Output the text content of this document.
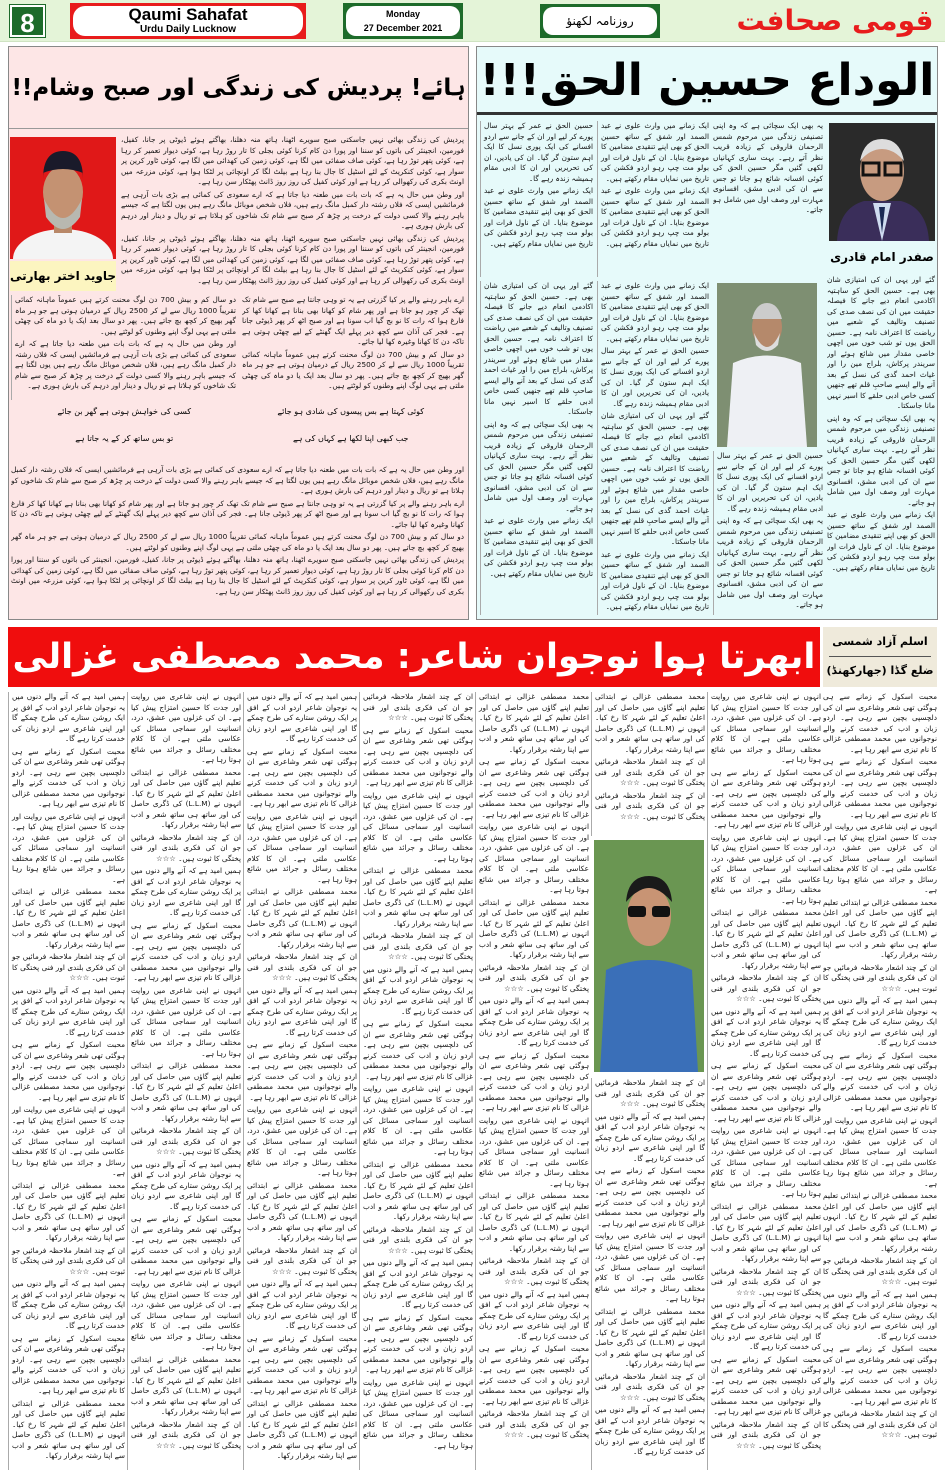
8	Qaumi Sahafat
Urdu Daily Lucknow
Monday
27 December 2021	روزنامہ لکھنؤ	قومی صحافت
ہائے! پردیش کی زندگی اور صبح وشام!!
جاوید اختر بھارتی

پردیش کی زندگی بھائی نہیں جاسکتی صبح سویرے اٹھنا، ہاتھ منہ دھلنا، بھاگتے ہوئے ڈیوٹی پر جانا، کفیل، فورمین، انجینئر کی باتوں کو سننا اور پورا دن کام کرنا کوئی بجلی کا تار روڑ رہا ہے، کوئی دیوار تعمیر کر رہا ہے، کوئی پتھر توڑ رہا ہے، کوئی صاف صفائی میں لگا ہے، کوئی زمین کی کھدائی میں لگا ہے، کوئی ٹاور کرین پر سوار ہے، کوئی کنکریٹ کے لئے اسٹیل کا جال بنا رہا ہے بیلٹ لگا کر اونچائی پر لٹکا ہوا ہے، کوئی مزرعہ میں اونٹ بکری کی رکھوالی کر رہا ہے اور کوئی کفیل کی روز روز ڈانٹ پھٹکار سن رہا ہے۔

اور وطن میں حال یہ ہے کہ بات بات میں طعنہ دیا جاتا ہے کہ ارے سعودی کی کمائی ہے بڑی بات آرہی ہے فرمائشیں ایسی کہ فلاں رشتہ دار کمبل مانگ رہے ہیں، فلاں شخص موبائل مانگ رہے ہیں یوں لگتا ہے کہ جیسے باہر رہنے والا کسی دولت کے درخت پر چڑھ کر صبح سے شام تک شاخوں کو ہلاتا ہے تو ریال و دینار اور درہم کی بارش ہوری ہے۔

پردیش کی زندگی بھائی نہیں جاسکتی صبح سویرے اٹھنا، ہاتھ منہ دھلنا، بھاگتے ہوئے ڈیوٹی پر جانا، کفیل، فورمین، انجینئر کی باتوں کو سننا اور پورا دن کام کرنا کوئی بجلی کا تار روڑ رہا ہے، کوئی دیوار تعمیر کر رہا ہے، کوئی پتھر توڑ رہا ہے، کوئی صاف صفائی میں لگا ہے، کوئی زمین کی کھدائی میں لگا ہے، کوئی ٹاور کرین پر سوار ہے، کوئی کنکریٹ کے لئے اسٹیل کا جال بنا رہا ہے بیلٹ لگا کر اونچائی پر لٹکا ہوا ہے، کوئی مزرعہ میں اونٹ بکری کی رکھوالی کر رہا ہے اور کوئی کفیل کی روز روز ڈانٹ پھٹکار سن رہا ہے۔

ارے باہر رہنے والے پر کیا گزرتی ہے یہ تو وہی جانتا ہے صبح سے شام تک تھک کر چور ہو جاتا ہے اور پھر شام کو کھانا بھی بنانا ہے کھانا کھا کر فارغ ہوا کہ رات کا نو بج گیا اب سونا ہے اور صبح اٹھ کر پھر ڈیوٹی جانا ہے۔ فجر کی آذان سے کچھ دیر پہلے ایک گھنٹے کے لیے چھٹی ہوتی ہے تاکہ دن کا کھانا وغیرہ کھا لیا جائے۔

دو سال کم و بیش 700 دن لوگ محنت کرتے ہیں عموماً ماہانہ کمائی تقریباً 1000 ریال سے لے کر 2500 ریال کے درمیان ہوتی ہے جو ہر ماہ گھر بھیج کر کچھ بچ جاتے ہیں۔ پھر دو سال بعد ایک یا دو ماہ کی چھٹی ملتی ہے یہی لوگ اپنے وطنوں کو لوٹتے ہیں۔

دو سال کم و بیش 700 دن لوگ محنت کرتے ہیں عموماً ماہانہ کمائی تقریباً 1000 ریال سے لے کر 2500 ریال کے درمیان ہوتی ہے جو ہر ماہ گھر بھیج کر کچھ بچ جاتے ہیں۔ پھر دو سال بعد ایک یا دو ماہ کی چھٹی ملتی ہے یہی لوگ اپنے وطنوں کو لوٹتے ہیں۔

اور وطن میں حال یہ ہے کہ بات بات میں طعنہ دیا جاتا ہے کہ ارے سعودی کی کمائی ہے بڑی بات آرہی ہے فرمائشیں ایسی کہ فلاں رشتہ دار کمبل مانگ رہے ہیں، فلاں شخص موبائل مانگ رہے ہیں یوں لگتا ہے کہ جیسے باہر رہنے والا کسی دولت کے درخت پر چڑھ کر صبح سے شام تک شاخوں کو ہلاتا ہے تو ریال و دینار اور درہم کی بارش ہوری ہے۔

کوئی کہتا ہے بس پیسوں کی شادی ہو جائے
کسی کی خواہش ہوتی ہے گھر بن جائے
جب کبھی اپنا لکھا ہے کہاں کی ہے
تو بس ساتھ کر کے یہ جاتا ہے

اور وطن میں حال یہ ہے کہ بات بات میں طعنہ دیا جاتا ہے کہ ارے سعودی کی کمائی ہے بڑی بات آرہی ہے فرمائشیں ایسی کہ فلاں رشتہ دار کمبل مانگ رہے ہیں، فلاں شخص موبائل مانگ رہے ہیں یوں لگتا ہے کہ جیسے باہر رہنے والا کسی دولت کے درخت پر چڑھ کر صبح سے شام تک شاخوں کو ہلاتا ہے تو ریال و دینار اور درہم کی بارش ہوری ہے۔

ارے باہر رہنے والے پر کیا گزرتی ہے یہ تو وہی جانتا ہے صبح سے شام تک تھک کر چور ہو جاتا ہے اور پھر شام کو کھانا بھی بنانا ہے کھانا کھا کر فارغ ہوا کہ رات کا نو بج گیا اب سونا ہے اور صبح اٹھ کر پھر ڈیوٹی جانا ہے۔ فجر کی آذان سے کچھ دیر پہلے ایک گھنٹے کے لیے چھٹی ہوتی ہے تاکہ دن کا کھانا وغیرہ کھا لیا جائے۔

دو سال کم و بیش 700 دن لوگ محنت کرتے ہیں عموماً ماہانہ کمائی تقریباً 1000 ریال سے لے کر 2500 ریال کے درمیان ہوتی ہے جو ہر ماہ گھر بھیج کر کچھ بچ جاتے ہیں۔ پھر دو سال بعد ایک یا دو ماہ کی چھٹی ملتی ہے یہی لوگ اپنے وطنوں کو لوٹتے ہیں۔

پردیش کی زندگی بھائی نہیں جاسکتی صبح سویرے اٹھنا، ہاتھ منہ دھلنا، بھاگتے ہوئے ڈیوٹی پر جانا، کفیل، فورمین، انجینئر کی باتوں کو سننا اور پورا دن کام کرنا کوئی بجلی کا تار روڑ رہا ہے، کوئی دیوار تعمیر کر رہا ہے، کوئی پتھر توڑ رہا ہے، کوئی صاف صفائی میں لگا ہے، کوئی زمین کی کھدائی میں لگا ہے، کوئی ٹاور کرین پر سوار ہے، کوئی کنکریٹ کے لئے اسٹیل کا جال بنا رہا ہے بیلٹ لگا کر اونچائی پر لٹکا ہوا ہے، کوئی مزرعہ میں اونٹ بکری کی رکھوالی کر رہا ہے اور کوئی کفیل کی روز روز ڈانٹ پھٹکار سن رہا ہے۔

الوداع حسین الحق!!!
صفدر امام قادری

یہ بھی ایک سچائی ہے کہ وہ اپنی تصنیفی زندگی میں مرحوم شمس الرحمان فاروقی کے زیادہ قریب نظر آتے رہے۔ بہت ساری کہانیاں لکھی گئیں مگر حسین الحق کی کوئی افسانہ شائع ہو جاتا تو جس سے ان کی ادبی مشق، افسانوی مہارت اور وصف اول میں شامل ہو جاتے۔

ایک زمانے میں وارث علوی نے عبد الصمد اور شفق کے ساتھ حسین الحق کو بھی اپنے تنقیدی مضامین کا موضوع بنایا۔ ان کے ناول فرات اور بولو مت چپ رہو اردو فکشن کی تاریخ میں نمایاں مقام رکھتے ہیں۔

ایک زمانے میں وارث علوی نے عبد الصمد اور شفق کے ساتھ حسین الحق کو بھی اپنے تنقیدی مضامین کا موضوع بنایا۔ ان کے ناول فرات اور بولو مت چپ رہو اردو فکشن کی تاریخ میں نمایاں مقام رکھتے ہیں۔

حسین الحق نے عمر کے بہتر سال پورے کر لیے اور ان کے جانے سے اردو افسانے کی ایک پوری نسل کا ایک اہم ستون گر گیا۔ ان کی یادیں، ان کی تحریریں اور ان کا ادبی مقام ہمیشہ زندہ رہے گا۔

ایک زمانے میں وارث علوی نے عبد الصمد اور شفق کے ساتھ حسین الحق کو بھی اپنے تنقیدی مضامین کا موضوع بنایا۔ ان کے ناول فرات اور بولو مت چپ رہو اردو فکشن کی تاریخ میں نمایاں مقام رکھتے ہیں۔

گئے اور یہی ان کی امتیازی شان بھی ہے۔ حسین الحق کو ساہتیہ اکادمی انعام دیے جانے کا فیصلہ حقیقت میں ان کی نصف صدی کی تصنیف وتالیف کے شعبے میں ریاضت کا اعتراف نامہ ہے۔ حسین الحق یوں تو شب خوں میں اچھی خاصی مقدار میں شائع ہوئے اور سریندر پرکاش، بلراج مین را اور غیاث احمد گدی کی نسل کے بعد آنے والے ایسے صاحبِ قلم تھے جنھیں کسی خاص ادبی حلقے کا اسیر نہیں مانا جاسکتا۔

یہ بھی ایک سچائی ہے کہ وہ اپنی تصنیفی زندگی میں مرحوم شمس الرحمان فاروقی کے زیادہ قریب نظر آتے رہے۔ بہت ساری کہانیاں لکھی گئیں مگر حسین الحق کی کوئی افسانہ شائع ہو جاتا تو جس سے ان کی ادبی مشق، افسانوی مہارت اور وصف اول میں شامل ہو جاتے۔

ایک زمانے میں وارث علوی نے عبد الصمد اور شفق کے ساتھ حسین الحق کو بھی اپنے تنقیدی مضامین کا موضوع بنایا۔ ان کے ناول فرات اور بولو مت چپ رہو اردو فکشن کی تاریخ میں نمایاں مقام رکھتے ہیں۔

حسین الحق نے عمر کے بہتر سال پورے کر لیے اور ان کے جانے سے اردو افسانے کی ایک پوری نسل کا ایک اہم ستون گر گیا۔ ان کی یادیں، ان کی تحریریں اور ان کا ادبی مقام ہمیشہ زندہ رہے گا۔

یہ بھی ایک سچائی ہے کہ وہ اپنی تصنیفی زندگی میں مرحوم شمس الرحمان فاروقی کے زیادہ قریب نظر آتے رہے۔ بہت ساری کہانیاں لکھی گئیں مگر حسین الحق کی کوئی افسانہ شائع ہو جاتا تو جس سے ان کی ادبی مشق، افسانوی مہارت اور وصف اول میں شامل ہو جاتے۔

ایک زمانے میں وارث علوی نے عبد الصمد اور شفق کے ساتھ حسین الحق کو بھی اپنے تنقیدی مضامین کا موضوع بنایا۔ ان کے ناول فرات اور بولو مت چپ رہو اردو فکشن کی تاریخ میں نمایاں مقام رکھتے ہیں۔

حسین الحق نے عمر کے بہتر سال پورے کر لیے اور ان کے جانے سے اردو افسانے کی ایک پوری نسل کا ایک اہم ستون گر گیا۔ ان کی یادیں، ان کی تحریریں اور ان کا ادبی مقام ہمیشہ زندہ رہے گا۔

گئے اور یہی ان کی امتیازی شان بھی ہے۔ حسین الحق کو ساہتیہ اکادمی انعام دیے جانے کا فیصلہ حقیقت میں ان کی نصف صدی کی تصنیف وتالیف کے شعبے میں ریاضت کا اعتراف نامہ ہے۔ حسین الحق یوں تو شب خوں میں اچھی خاصی مقدار میں شائع ہوئے اور سریندر پرکاش، بلراج مین را اور غیاث احمد گدی کی نسل کے بعد آنے والے ایسے صاحبِ قلم تھے جنھیں کسی خاص ادبی حلقے کا اسیر نہیں مانا جاسکتا۔

ایک زمانے میں وارث علوی نے عبد الصمد اور شفق کے ساتھ حسین الحق کو بھی اپنے تنقیدی مضامین کا موضوع بنایا۔ ان کے ناول فرات اور بولو مت چپ رہو اردو فکشن کی تاریخ میں نمایاں مقام رکھتے ہیں۔

گئے اور یہی ان کی امتیازی شان بھی ہے۔ حسین الحق کو ساہتیہ اکادمی انعام دیے جانے کا فیصلہ حقیقت میں ان کی نصف صدی کی تصنیف وتالیف کے شعبے میں ریاضت کا اعتراف نامہ ہے۔ حسین الحق یوں تو شب خوں میں اچھی خاصی مقدار میں شائع ہوئے اور سریندر پرکاش، بلراج مین را اور غیاث احمد گدی کی نسل کے بعد آنے والے ایسے صاحبِ قلم تھے جنھیں کسی خاص ادبی حلقے کا اسیر نہیں مانا جاسکتا۔

یہ بھی ایک سچائی ہے کہ وہ اپنی تصنیفی زندگی میں مرحوم شمس الرحمان فاروقی کے زیادہ قریب نظر آتے رہے۔ بہت ساری کہانیاں لکھی گئیں مگر حسین الحق کی کوئی افسانہ شائع ہو جاتا تو جس سے ان کی ادبی مشق، افسانوی مہارت اور وصف اول میں شامل ہو جاتے۔

ایک زمانے میں وارث علوی نے عبد الصمد اور شفق کے ساتھ حسین الحق کو بھی اپنے تنقیدی مضامین کا موضوع بنایا۔ ان کے ناول فرات اور بولو مت چپ رہو اردو فکشن کی تاریخ میں نمایاں مقام رکھتے ہیں۔

ابھرتا ہوا نوجوان شاعر: محمد مصطفی غزالی	اسلم آزاد شمسی
ضلع گڈا (جھارکھنڈ)

محبت اسکول کے زمانے سے ہی ہوگئی تھی شعر وشاعری سے ان کی دلچسپی بچپن سے رہی ہے۔ اردو زبان و ادب کی خدمت کرنے والے نوجوانوں میں محمد مصطفی غزالی کا نام تیزی سے ابھر رہا ہے۔

محبت اسکول کے زمانے سے ہی ہوگئی تھی شعر وشاعری سے ان کی دلچسپی بچپن سے رہی ہے۔ اردو زبان و ادب کی خدمت کرنے والے نوجوانوں میں محمد مصطفی غزالی کا نام تیزی سے ابھر رہا ہے۔

انہوں نے اپنی شاعری میں روایت اور جدت کا حسین امتزاج پیش کیا ہے۔ ان کی غزلوں میں عشق، درد، انسانیت اور سماجی مسائل کی عکاسی ملتی ہے۔ ان کا کلام مختلف رسائل و جرائد میں شائع ہوتا رہا ہے۔

محمد مصطفی غزالی نے ابتدائی تعلیم اپنے گاؤں میں حاصل کی اور اعلیٰ تعلیم کے لئے شہر کا رخ کیا۔ انہوں نے (L.L.M) کی ڈگری حاصل کی اور ساتھ ہی ساتھ شعر و ادب سے اپنا رشتہ برقرار رکھا۔

ان کے چند اشعار ملاحظہ فرمائیں جو ان کی فکری بلندی اور فنی پختگی کا ثبوت ہیں۔ ☆☆☆

ہمیں امید ہے کہ آنے والے دنوں میں یہ نوجوان شاعر اردو ادب کے افق پر ایک روشن ستارے کی طرح چمکے گا اور اپنی شاعری سے اردو زبان کی خدمت کرتا رہے گا۔

محبت اسکول کے زمانے سے ہی ہوگئی تھی شعر وشاعری سے ان کی دلچسپی بچپن سے رہی ہے۔ اردو زبان و ادب کی خدمت کرنے والے نوجوانوں میں محمد مصطفی غزالی کا نام تیزی سے ابھر رہا ہے۔

انہوں نے اپنی شاعری میں روایت اور جدت کا حسین امتزاج پیش کیا ہے۔ ان کی غزلوں میں عشق، درد، انسانیت اور سماجی مسائل کی عکاسی ملتی ہے۔ ان کا کلام مختلف رسائل و جرائد میں شائع ہوتا رہا ہے۔

محمد مصطفی غزالی نے ابتدائی تعلیم اپنے گاؤں میں حاصل کی اور اعلیٰ تعلیم کے لئے شہر کا رخ کیا۔ انہوں نے (L.L.M) کی ڈگری حاصل کی اور ساتھ ہی ساتھ شعر و ادب سے اپنا رشتہ برقرار رکھا۔

ان کے چند اشعار ملاحظہ فرمائیں جو ان کی فکری بلندی اور فنی پختگی کا ثبوت ہیں۔ ☆☆☆

ہمیں امید ہے کہ آنے والے دنوں میں یہ نوجوان شاعر اردو ادب کے افق پر ایک روشن ستارے کی طرح چمکے گا اور اپنی شاعری سے اردو زبان کی خدمت کرتا رہے گا۔

محبت اسکول کے زمانے سے ہی ہوگئی تھی شعر وشاعری سے ان کی دلچسپی بچپن سے رہی ہے۔ اردو زبان و ادب کی خدمت کرنے والے نوجوانوں میں محمد مصطفی غزالی کا نام تیزی سے ابھر رہا ہے۔

ان کے چند اشعار ملاحظہ فرمائیں جو ان کی فکری بلندی اور فنی پختگی کا ثبوت ہیں۔ ☆☆☆

انہوں نے اپنی شاعری میں روایت اور جدت کا حسین امتزاج پیش کیا ہے۔ ان کی غزلوں میں عشق، درد، انسانیت اور سماجی مسائل کی عکاسی ملتی ہے۔ ان کا کلام مختلف رسائل و جرائد میں شائع ہوتا رہا ہے۔

محبت اسکول کے زمانے سے ہی ہوگئی تھی شعر وشاعری سے ان کی دلچسپی بچپن سے رہی ہے۔ اردو زبان و ادب کی خدمت کرنے والے نوجوانوں میں محمد مصطفی غزالی کا نام تیزی سے ابھر رہا ہے۔

انہوں نے اپنی شاعری میں روایت اور جدت کا حسین امتزاج پیش کیا ہے۔ ان کی غزلوں میں عشق، درد، انسانیت اور سماجی مسائل کی عکاسی ملتی ہے۔ ان کا کلام مختلف رسائل و جرائد میں شائع ہوتا رہا ہے۔

محمد مصطفی غزالی نے ابتدائی تعلیم اپنے گاؤں میں حاصل کی اور اعلیٰ تعلیم کے لئے شہر کا رخ کیا۔ انہوں نے (L.L.M) کی ڈگری حاصل کی اور ساتھ ہی ساتھ شعر و ادب سے اپنا رشتہ برقرار رکھا۔

ان کے چند اشعار ملاحظہ فرمائیں جو ان کی فکری بلندی اور فنی پختگی کا ثبوت ہیں۔ ☆☆☆

ہمیں امید ہے کہ آنے والے دنوں میں یہ نوجوان شاعر اردو ادب کے افق پر ایک روشن ستارے کی طرح چمکے گا اور اپنی شاعری سے اردو زبان کی خدمت کرتا رہے گا۔

محبت اسکول کے زمانے سے ہی ہوگئی تھی شعر وشاعری سے ان کی دلچسپی بچپن سے رہی ہے۔ اردو زبان و ادب کی خدمت کرنے والے نوجوانوں میں محمد مصطفی غزالی کا نام تیزی سے ابھر رہا ہے۔

انہوں نے اپنی شاعری میں روایت اور جدت کا حسین امتزاج پیش کیا ہے۔ ان کی غزلوں میں عشق، درد، انسانیت اور سماجی مسائل کی عکاسی ملتی ہے۔ ان کا کلام مختلف رسائل و جرائد میں شائع ہوتا رہا ہے۔

محمد مصطفی غزالی نے ابتدائی تعلیم اپنے گاؤں میں حاصل کی اور اعلیٰ تعلیم کے لئے شہر کا رخ کیا۔ انہوں نے (L.L.M) کی ڈگری حاصل کی اور ساتھ ہی ساتھ شعر و ادب سے اپنا رشتہ برقرار رکھا۔

ان کے چند اشعار ملاحظہ فرمائیں جو ان کی فکری بلندی اور فنی پختگی کا ثبوت ہیں۔ ☆☆☆

ہمیں امید ہے کہ آنے والے دنوں میں یہ نوجوان شاعر اردو ادب کے افق پر ایک روشن ستارے کی طرح چمکے گا اور اپنی شاعری سے اردو زبان کی خدمت کرتا رہے گا۔

محبت اسکول کے زمانے سے ہی ہوگئی تھی شعر وشاعری سے ان کی دلچسپی بچپن سے رہی ہے۔ اردو زبان و ادب کی خدمت کرنے والے نوجوانوں میں محمد مصطفی غزالی کا نام تیزی سے ابھر رہا ہے۔

ان کے چند اشعار ملاحظہ فرمائیں جو ان کی فکری بلندی اور فنی پختگی کا ثبوت ہیں۔ ☆☆☆

محمد مصطفی غزالی نے ابتدائی تعلیم اپنے گاؤں میں حاصل کی اور اعلیٰ تعلیم کے لئے شہر کا رخ کیا۔ انہوں نے (L.L.M) کی ڈگری حاصل کی اور ساتھ ہی ساتھ شعر و ادب سے اپنا رشتہ برقرار رکھا۔

ان کے چند اشعار ملاحظہ فرمائیں جو ان کی فکری بلندی اور فنی پختگی کا ثبوت ہیں۔ ☆☆☆

ان کے چند اشعار ملاحظہ فرمائیں جو ان کی فکری بلندی اور فنی پختگی کا ثبوت ہیں۔ ☆☆☆

ان کے چند اشعار ملاحظہ فرمائیں جو ان کی فکری بلندی اور فنی پختگی کا ثبوت ہیں۔ ☆☆☆

ہمیں امید ہے کہ آنے والے دنوں میں یہ نوجوان شاعر اردو ادب کے افق پر ایک روشن ستارے کی طرح چمکے گا اور اپنی شاعری سے اردو زبان کی خدمت کرتا رہے گا۔

محبت اسکول کے زمانے سے ہی ہوگئی تھی شعر وشاعری سے ان کی دلچسپی بچپن سے رہی ہے۔ اردو زبان و ادب کی خدمت کرنے والے نوجوانوں میں محمد مصطفی غزالی کا نام تیزی سے ابھر رہا ہے۔

انہوں نے اپنی شاعری میں روایت اور جدت کا حسین امتزاج پیش کیا ہے۔ ان کی غزلوں میں عشق، درد، انسانیت اور سماجی مسائل کی عکاسی ملتی ہے۔ ان کا کلام مختلف رسائل و جرائد میں شائع ہوتا رہا ہے۔

محمد مصطفی غزالی نے ابتدائی تعلیم اپنے گاؤں میں حاصل کی اور اعلیٰ تعلیم کے لئے شہر کا رخ کیا۔ انہوں نے (L.L.M) کی ڈگری حاصل کی اور ساتھ ہی ساتھ شعر و ادب سے اپنا رشتہ برقرار رکھا۔

ان کے چند اشعار ملاحظہ فرمائیں جو ان کی فکری بلندی اور فنی پختگی کا ثبوت ہیں۔ ☆☆☆

ہمیں امید ہے کہ آنے والے دنوں میں یہ نوجوان شاعر اردو ادب کے افق پر ایک روشن ستارے کی طرح چمکے گا اور اپنی شاعری سے اردو زبان کی خدمت کرتا رہے گا۔

محمد مصطفی غزالی نے ابتدائی تعلیم اپنے گاؤں میں حاصل کی اور اعلیٰ تعلیم کے لئے شہر کا رخ کیا۔ انہوں نے (L.L.M) کی ڈگری حاصل کی اور ساتھ ہی ساتھ شعر و ادب سے اپنا رشتہ برقرار رکھا۔

محبت اسکول کے زمانے سے ہی ہوگئی تھی شعر وشاعری سے ان کی دلچسپی بچپن سے رہی ہے۔ اردو زبان و ادب کی خدمت کرنے والے نوجوانوں میں محمد مصطفی غزالی کا نام تیزی سے ابھر رہا ہے۔

انہوں نے اپنی شاعری میں روایت اور جدت کا حسین امتزاج پیش کیا ہے۔ ان کی غزلوں میں عشق، درد، انسانیت اور سماجی مسائل کی عکاسی ملتی ہے۔ ان کا کلام مختلف رسائل و جرائد میں شائع ہوتا رہا ہے۔

محمد مصطفی غزالی نے ابتدائی تعلیم اپنے گاؤں میں حاصل کی اور اعلیٰ تعلیم کے لئے شہر کا رخ کیا۔ انہوں نے (L.L.M) کی ڈگری حاصل کی اور ساتھ ہی ساتھ شعر و ادب سے اپنا رشتہ برقرار رکھا۔

ان کے چند اشعار ملاحظہ فرمائیں جو ان کی فکری بلندی اور فنی پختگی کا ثبوت ہیں۔ ☆☆☆

ہمیں امید ہے کہ آنے والے دنوں میں یہ نوجوان شاعر اردو ادب کے افق پر ایک روشن ستارے کی طرح چمکے گا اور اپنی شاعری سے اردو زبان کی خدمت کرتا رہے گا۔

محبت اسکول کے زمانے سے ہی ہوگئی تھی شعر وشاعری سے ان کی دلچسپی بچپن سے رہی ہے۔ اردو زبان و ادب کی خدمت کرنے والے نوجوانوں میں محمد مصطفی غزالی کا نام تیزی سے ابھر رہا ہے۔

انہوں نے اپنی شاعری میں روایت اور جدت کا حسین امتزاج پیش کیا ہے۔ ان کی غزلوں میں عشق، درد، انسانیت اور سماجی مسائل کی عکاسی ملتی ہے۔ ان کا کلام مختلف رسائل و جرائد میں شائع ہوتا رہا ہے۔

محمد مصطفی غزالی نے ابتدائی تعلیم اپنے گاؤں میں حاصل کی اور اعلیٰ تعلیم کے لئے شہر کا رخ کیا۔ انہوں نے (L.L.M) کی ڈگری حاصل کی اور ساتھ ہی ساتھ شعر و ادب سے اپنا رشتہ برقرار رکھا۔

ان کے چند اشعار ملاحظہ فرمائیں جو ان کی فکری بلندی اور فنی پختگی کا ثبوت ہیں۔ ☆☆☆

ہمیں امید ہے کہ آنے والے دنوں میں یہ نوجوان شاعر اردو ادب کے افق پر ایک روشن ستارے کی طرح چمکے گا اور اپنی شاعری سے اردو زبان کی خدمت کرتا رہے گا۔

محبت اسکول کے زمانے سے ہی ہوگئی تھی شعر وشاعری سے ان کی دلچسپی بچپن سے رہی ہے۔ اردو زبان و ادب کی خدمت کرنے والے نوجوانوں میں محمد مصطفی غزالی کا نام تیزی سے ابھر رہا ہے۔

ان کے چند اشعار ملاحظہ فرمائیں جو ان کی فکری بلندی اور فنی پختگی کا ثبوت ہیں۔ ☆☆☆

ان کے چند اشعار ملاحظہ فرمائیں جو ان کی فکری بلندی اور فنی پختگی کا ثبوت ہیں۔ ☆☆☆

محبت اسکول کے زمانے سے ہی ہوگئی تھی شعر وشاعری سے ان کی دلچسپی بچپن سے رہی ہے۔ اردو زبان و ادب کی خدمت کرنے والے نوجوانوں میں محمد مصطفی غزالی کا نام تیزی سے ابھر رہا ہے۔

انہوں نے اپنی شاعری میں روایت اور جدت کا حسین امتزاج پیش کیا ہے۔ ان کی غزلوں میں عشق، درد، انسانیت اور سماجی مسائل کی عکاسی ملتی ہے۔ ان کا کلام مختلف رسائل و جرائد میں شائع ہوتا رہا ہے۔

محمد مصطفی غزالی نے ابتدائی تعلیم اپنے گاؤں میں حاصل کی اور اعلیٰ تعلیم کے لئے شہر کا رخ کیا۔ انہوں نے (L.L.M) کی ڈگری حاصل کی اور ساتھ ہی ساتھ شعر و ادب سے اپنا رشتہ برقرار رکھا۔

ان کے چند اشعار ملاحظہ فرمائیں جو ان کی فکری بلندی اور فنی پختگی کا ثبوت ہیں۔ ☆☆☆

ہمیں امید ہے کہ آنے والے دنوں میں یہ نوجوان شاعر اردو ادب کے افق پر ایک روشن ستارے کی طرح چمکے گا اور اپنی شاعری سے اردو زبان کی خدمت کرتا رہے گا۔

محبت اسکول کے زمانے سے ہی ہوگئی تھی شعر وشاعری سے ان کی دلچسپی بچپن سے رہی ہے۔ اردو زبان و ادب کی خدمت کرنے والے نوجوانوں میں محمد مصطفی غزالی کا نام تیزی سے ابھر رہا ہے۔

انہوں نے اپنی شاعری میں روایت اور جدت کا حسین امتزاج پیش کیا ہے۔ ان کی غزلوں میں عشق، درد، انسانیت اور سماجی مسائل کی عکاسی ملتی ہے۔ ان کا کلام مختلف رسائل و جرائد میں شائع ہوتا رہا ہے۔

محمد مصطفی غزالی نے ابتدائی تعلیم اپنے گاؤں میں حاصل کی اور اعلیٰ تعلیم کے لئے شہر کا رخ کیا۔ انہوں نے (L.L.M) کی ڈگری حاصل کی اور ساتھ ہی ساتھ شعر و ادب سے اپنا رشتہ برقرار رکھا۔

ان کے چند اشعار ملاحظہ فرمائیں جو ان کی فکری بلندی اور فنی پختگی کا ثبوت ہیں۔ ☆☆☆

ہمیں امید ہے کہ آنے والے دنوں میں یہ نوجوان شاعر اردو ادب کے افق پر ایک روشن ستارے کی طرح چمکے گا اور اپنی شاعری سے اردو زبان کی خدمت کرتا رہے گا۔

محبت اسکول کے زمانے سے ہی ہوگئی تھی شعر وشاعری سے ان کی دلچسپی بچپن سے رہی ہے۔ اردو زبان و ادب کی خدمت کرنے والے نوجوانوں میں محمد مصطفی غزالی کا نام تیزی سے ابھر رہا ہے۔

انہوں نے اپنی شاعری میں روایت اور جدت کا حسین امتزاج پیش کیا ہے۔ ان کی غزلوں میں عشق، درد، انسانیت اور سماجی مسائل کی عکاسی ملتی ہے۔ ان کا کلام مختلف رسائل و جرائد میں شائع ہوتا رہا ہے۔

ہمیں امید ہے کہ آنے والے دنوں میں یہ نوجوان شاعر اردو ادب کے افق پر ایک روشن ستارے کی طرح چمکے گا اور اپنی شاعری سے اردو زبان کی خدمت کرتا رہے گا۔

محبت اسکول کے زمانے سے ہی ہوگئی تھی شعر وشاعری سے ان کی دلچسپی بچپن سے رہی ہے۔ اردو زبان و ادب کی خدمت کرنے والے نوجوانوں میں محمد مصطفی غزالی کا نام تیزی سے ابھر رہا ہے۔

انہوں نے اپنی شاعری میں روایت اور جدت کا حسین امتزاج پیش کیا ہے۔ ان کی غزلوں میں عشق، درد، انسانیت اور سماجی مسائل کی عکاسی ملتی ہے۔ ان کا کلام مختلف رسائل و جرائد میں شائع ہوتا رہا ہے۔

محمد مصطفی غزالی نے ابتدائی تعلیم اپنے گاؤں میں حاصل کی اور اعلیٰ تعلیم کے لئے شہر کا رخ کیا۔ انہوں نے (L.L.M) کی ڈگری حاصل کی اور ساتھ ہی ساتھ شعر و ادب سے اپنا رشتہ برقرار رکھا۔

ان کے چند اشعار ملاحظہ فرمائیں جو ان کی فکری بلندی اور فنی پختگی کا ثبوت ہیں۔ ☆☆☆

ہمیں امید ہے کہ آنے والے دنوں میں یہ نوجوان شاعر اردو ادب کے افق پر ایک روشن ستارے کی طرح چمکے گا اور اپنی شاعری سے اردو زبان کی خدمت کرتا رہے گا۔

محبت اسکول کے زمانے سے ہی ہوگئی تھی شعر وشاعری سے ان کی دلچسپی بچپن سے رہی ہے۔ اردو زبان و ادب کی خدمت کرنے والے نوجوانوں میں محمد مصطفی غزالی کا نام تیزی سے ابھر رہا ہے۔

انہوں نے اپنی شاعری میں روایت اور جدت کا حسین امتزاج پیش کیا ہے۔ ان کی غزلوں میں عشق، درد، انسانیت اور سماجی مسائل کی عکاسی ملتی ہے۔ ان کا کلام مختلف رسائل و جرائد میں شائع ہوتا رہا ہے۔

محمد مصطفی غزالی نے ابتدائی تعلیم اپنے گاؤں میں حاصل کی اور اعلیٰ تعلیم کے لئے شہر کا رخ کیا۔ انہوں نے (L.L.M) کی ڈگری حاصل کی اور ساتھ ہی ساتھ شعر و ادب سے اپنا رشتہ برقرار رکھا۔

ان کے چند اشعار ملاحظہ فرمائیں جو ان کی فکری بلندی اور فنی پختگی کا ثبوت ہیں۔ ☆☆☆

ہمیں امید ہے کہ آنے والے دنوں میں یہ نوجوان شاعر اردو ادب کے افق پر ایک روشن ستارے کی طرح چمکے گا اور اپنی شاعری سے اردو زبان کی خدمت کرتا رہے گا۔

محبت اسکول کے زمانے سے ہی ہوگئی تھی شعر وشاعری سے ان کی دلچسپی بچپن سے رہی ہے۔ اردو زبان و ادب کی خدمت کرنے والے نوجوانوں میں محمد مصطفی غزالی کا نام تیزی سے ابھر رہا ہے۔

محمد مصطفی غزالی نے ابتدائی تعلیم اپنے گاؤں میں حاصل کی اور اعلیٰ تعلیم کے لئے شہر کا رخ کیا۔ انہوں نے (L.L.M) کی ڈگری حاصل کی اور ساتھ ہی ساتھ شعر و ادب سے اپنا رشتہ برقرار رکھا۔

انہوں نے اپنی شاعری میں روایت اور جدت کا حسین امتزاج پیش کیا ہے۔ ان کی غزلوں میں عشق، درد، انسانیت اور سماجی مسائل کی عکاسی ملتی ہے۔ ان کا کلام مختلف رسائل و جرائد میں شائع ہوتا رہا ہے۔

محمد مصطفی غزالی نے ابتدائی تعلیم اپنے گاؤں میں حاصل کی اور اعلیٰ تعلیم کے لئے شہر کا رخ کیا۔ انہوں نے (L.L.M) کی ڈگری حاصل کی اور ساتھ ہی ساتھ شعر و ادب سے اپنا رشتہ برقرار رکھا۔

ان کے چند اشعار ملاحظہ فرمائیں جو ان کی فکری بلندی اور فنی پختگی کا ثبوت ہیں۔ ☆☆☆

ہمیں امید ہے کہ آنے والے دنوں میں یہ نوجوان شاعر اردو ادب کے افق پر ایک روشن ستارے کی طرح چمکے گا اور اپنی شاعری سے اردو زبان کی خدمت کرتا رہے گا۔

محبت اسکول کے زمانے سے ہی ہوگئی تھی شعر وشاعری سے ان کی دلچسپی بچپن سے رہی ہے۔ اردو زبان و ادب کی خدمت کرنے والے نوجوانوں میں محمد مصطفی غزالی کا نام تیزی سے ابھر رہا ہے۔

انہوں نے اپنی شاعری میں روایت اور جدت کا حسین امتزاج پیش کیا ہے۔ ان کی غزلوں میں عشق، درد، انسانیت اور سماجی مسائل کی عکاسی ملتی ہے۔ ان کا کلام مختلف رسائل و جرائد میں شائع ہوتا رہا ہے۔

محمد مصطفی غزالی نے ابتدائی تعلیم اپنے گاؤں میں حاصل کی اور اعلیٰ تعلیم کے لئے شہر کا رخ کیا۔ انہوں نے (L.L.M) کی ڈگری حاصل کی اور ساتھ ہی ساتھ شعر و ادب سے اپنا رشتہ برقرار رکھا۔

ان کے چند اشعار ملاحظہ فرمائیں جو ان کی فکری بلندی اور فنی پختگی کا ثبوت ہیں۔ ☆☆☆

ہمیں امید ہے کہ آنے والے دنوں میں یہ نوجوان شاعر اردو ادب کے افق پر ایک روشن ستارے کی طرح چمکے گا اور اپنی شاعری سے اردو زبان کی خدمت کرتا رہے گا۔

محبت اسکول کے زمانے سے ہی ہوگئی تھی شعر وشاعری سے ان کی دلچسپی بچپن سے رہی ہے۔ اردو زبان و ادب کی خدمت کرنے والے نوجوانوں میں محمد مصطفی غزالی کا نام تیزی سے ابھر رہا ہے۔

انہوں نے اپنی شاعری میں روایت اور جدت کا حسین امتزاج پیش کیا ہے۔ ان کی غزلوں میں عشق، درد، انسانیت اور سماجی مسائل کی عکاسی ملتی ہے۔ ان کا کلام مختلف رسائل و جرائد میں شائع ہوتا رہا ہے۔

محمد مصطفی غزالی نے ابتدائی تعلیم اپنے گاؤں میں حاصل کی اور اعلیٰ تعلیم کے لئے شہر کا رخ کیا۔ انہوں نے (L.L.M) کی ڈگری حاصل کی اور ساتھ ہی ساتھ شعر و ادب سے اپنا رشتہ برقرار رکھا۔

ان کے چند اشعار ملاحظہ فرمائیں جو ان کی فکری بلندی اور فنی پختگی کا ثبوت ہیں۔ ☆☆☆

ہمیں امید ہے کہ آنے والے دنوں میں یہ نوجوان شاعر اردو ادب کے افق پر ایک روشن ستارے کی طرح چمکے گا اور اپنی شاعری سے اردو زبان کی خدمت کرتا رہے گا۔

محبت اسکول کے زمانے سے ہی ہوگئی تھی شعر وشاعری سے ان کی دلچسپی بچپن سے رہی ہے۔ اردو زبان و ادب کی خدمت کرنے والے نوجوانوں میں محمد مصطفی غزالی کا نام تیزی سے ابھر رہا ہے۔

انہوں نے اپنی شاعری میں روایت اور جدت کا حسین امتزاج پیش کیا ہے۔ ان کی غزلوں میں عشق، درد، انسانیت اور سماجی مسائل کی عکاسی ملتی ہے۔ ان کا کلام مختلف رسائل و جرائد میں شائع ہوتا رہا ہے۔

محمد مصطفی غزالی نے ابتدائی تعلیم اپنے گاؤں میں حاصل کی اور اعلیٰ تعلیم کے لئے شہر کا رخ کیا۔ انہوں نے (L.L.M) کی ڈگری حاصل کی اور ساتھ ہی ساتھ شعر و ادب سے اپنا رشتہ برقرار رکھا۔

ان کے چند اشعار ملاحظہ فرمائیں جو ان کی فکری بلندی اور فنی پختگی کا ثبوت ہیں۔ ☆☆☆

ہمیں امید ہے کہ آنے والے دنوں میں یہ نوجوان شاعر اردو ادب کے افق پر ایک روشن ستارے کی طرح چمکے گا اور اپنی شاعری سے اردو زبان کی خدمت کرتا رہے گا۔

محبت اسکول کے زمانے سے ہی ہوگئی تھی شعر وشاعری سے ان کی دلچسپی بچپن سے رہی ہے۔ اردو زبان و ادب کی خدمت کرنے والے نوجوانوں میں محمد مصطفی غزالی کا نام تیزی سے ابھر رہا ہے۔

انہوں نے اپنی شاعری میں روایت اور جدت کا حسین امتزاج پیش کیا ہے۔ ان کی غزلوں میں عشق، درد، انسانیت اور سماجی مسائل کی عکاسی ملتی ہے۔ ان کا کلام مختلف رسائل و جرائد میں شائع ہوتا رہا ہے۔

محمد مصطفی غزالی نے ابتدائی تعلیم اپنے گاؤں میں حاصل کی اور اعلیٰ تعلیم کے لئے شہر کا رخ کیا۔ انہوں نے (L.L.M) کی ڈگری حاصل کی اور ساتھ ہی ساتھ شعر و ادب سے اپنا رشتہ برقرار رکھا۔

ان کے چند اشعار ملاحظہ فرمائیں جو ان کی فکری بلندی اور فنی پختگی کا ثبوت ہیں۔ ☆☆☆

ہمیں امید ہے کہ آنے والے دنوں میں یہ نوجوان شاعر اردو ادب کے افق پر ایک روشن ستارے کی طرح چمکے گا اور اپنی شاعری سے اردو زبان کی خدمت کرتا رہے گا۔

محبت اسکول کے زمانے سے ہی ہوگئی تھی شعر وشاعری سے ان کی دلچسپی بچپن سے رہی ہے۔ اردو زبان و ادب کی خدمت کرنے والے نوجوانوں میں محمد مصطفی غزالی کا نام تیزی سے ابھر رہا ہے۔

محمد مصطفی غزالی نے ابتدائی تعلیم اپنے گاؤں میں حاصل کی اور اعلیٰ تعلیم کے لئے شہر کا رخ کیا۔ انہوں نے (L.L.M) کی ڈگری حاصل کی اور ساتھ ہی ساتھ شعر و ادب سے اپنا رشتہ برقرار رکھا۔
